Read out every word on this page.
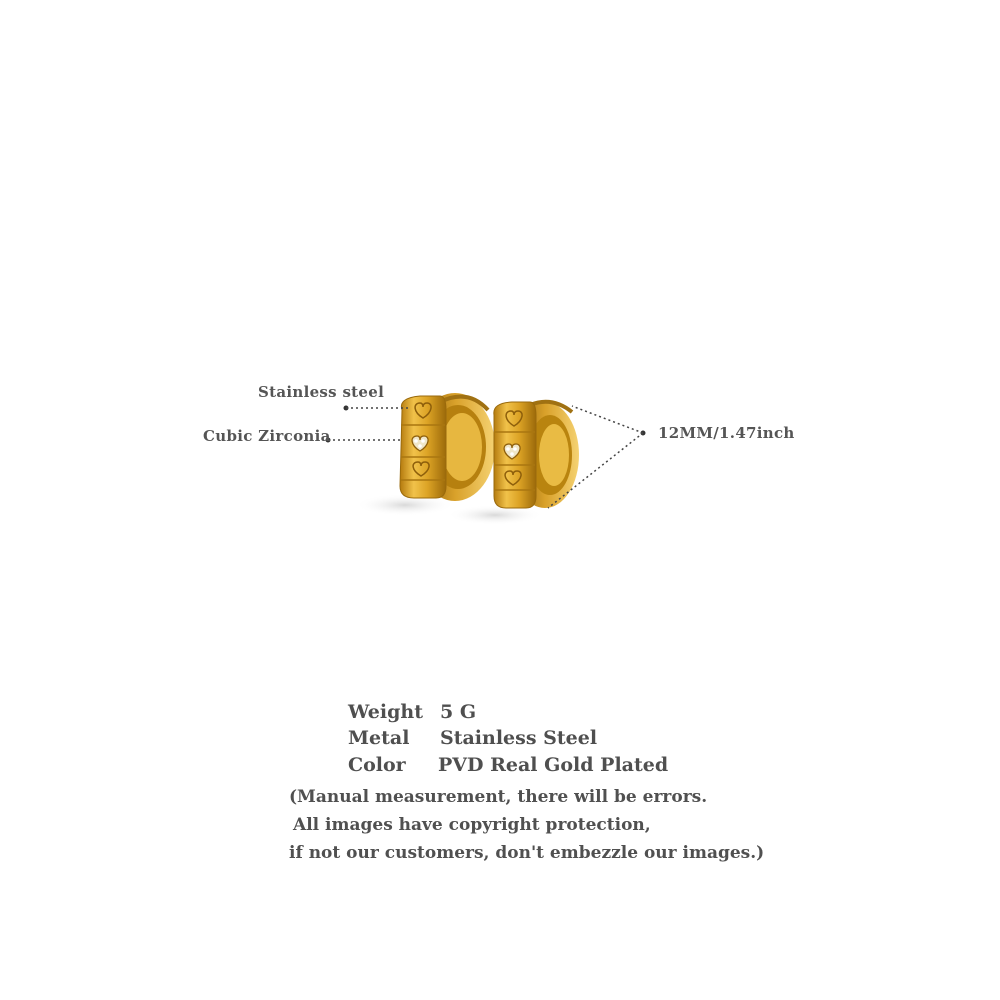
Stainless steel
Cubic Zirconia	12MM/1.47inch
Weight 5 G
Metal Stainless Steel
Color PVD Real Gold Plated
(Manual measurement, there will be errors.
All images have copyright protection,
if not our customers, don't embezzle our images.)
